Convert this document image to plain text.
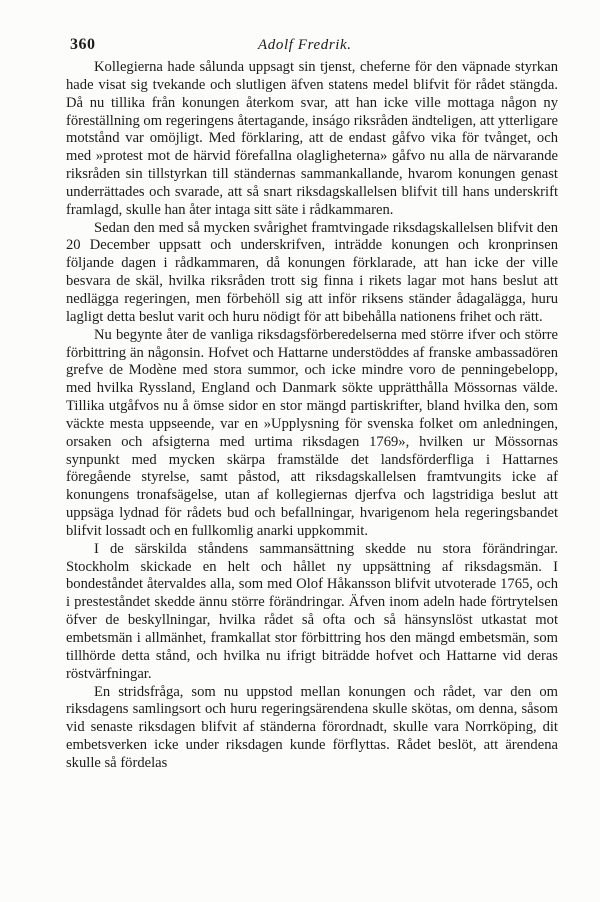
360	Adolf Fredrik.

Kollegierna hade sålunda uppsagt sin tjenst, cheferne för den väpnade styrkan hade visat sig tvekande och slutligen äfven statens medel blifvit för rådet stängda. Då nu tillika från konungen återkom svar, att han icke ville mottaga någon ny föreställning om regeringens återtagande, inságo riksråden ändteligen, att ytterligare motstånd var omöjligt. Med förklaring, att de endast gåfvo vika för tvånget, och med »protest mot de härvid förefallna olagligheterna» gåfvo nu alla de närvarande riksråden sin tillstyrkan till ständernas sammankallande, hvarom konungen genast underrättades och svarade, att så snart riksdagskallelsen blifvit till hans underskrift framlagd, skulle han åter intaga sitt säte i rådkammaren.

Sedan den med så mycken svårighet framtvingade riksdagskallelsen blifvit den 20 December uppsatt och underskrifven, inträdde konungen och kronprinsen följande dagen i rådkammaren, då konungen förklarade, att han icke der ville besvara de skäl, hvilka riksråden trott sig finna i rikets lagar mot hans beslut att nedlägga regeringen, men förbehöll sig att inför riksens ständer ådagalägga, huru lagligt detta beslut varit och huru nödigt för att bibehålla nationens frihet och rätt.

Nu begynte åter de vanliga riksdagsförberedelserna med större ifver och större förbittring än någonsin. Hofvet och Hattarne understöddes af franske ambassadören grefve de Modène med stora summor, och icke mindre voro de penningebelopp, med hvilka Ryssland, England och Danmark sökte upprätthålla Mössornas välde. Tillika utgåfvos nu å ömse sidor en stor mängd partiskrifter, bland hvilka den, som väckte mesta uppseende, var en »Upplysning för svenska folket om anledningen, orsaken och afsigterna med urtima riksdagen 1769», hvilken ur Mössornas synpunkt med mycken skärpa framstälde det landsförderfliga i Hattarnes föregående styrelse, samt påstod, att riksdagskallelsen framtvungits icke af konungens tronafsägelse, utan af kollegiernas djerfva och lagstridiga beslut att uppsäga lydnad för rådets bud och befallningar, hvarigenom hela regeringsbandet blifvit lossadt och en fullkomlig anarki uppkommit.

I de särskilda ståndens sammansättning skedde nu stora förändringar. Stockholm skickade en helt och hållet ny uppsättning af riksdagsmän. I bondeståndet återvaldes alla, som med Olof Håkansson blifvit utvoterade 1765, och i presteståndet skedde ännu större förändringar. Äfven inom adeln hade förtrytelsen öfver de beskyllningar, hvilka rådet så ofta och så hänsynslöst utkastat mot embetsmän i allmänhet, framkallat stor förbittring hos den mängd embetsmän, som tillhörde detta stånd, och hvilka nu ifrigt biträdde hofvet och Hattarne vid deras röstvärfningar.

En stridsfråga, som nu uppstod mellan konungen och rådet, var den om riksdagens samlingsort och huru regeringsärendena skulle skötas, om denna, såsom vid senaste riksdagen blifvit af ständerna förordnadt, skulle vara Norrköping, dit embetsverken icke under riksdagen kunde förflyttas. Rådet beslöt, att ärendena skulle så fördelas
